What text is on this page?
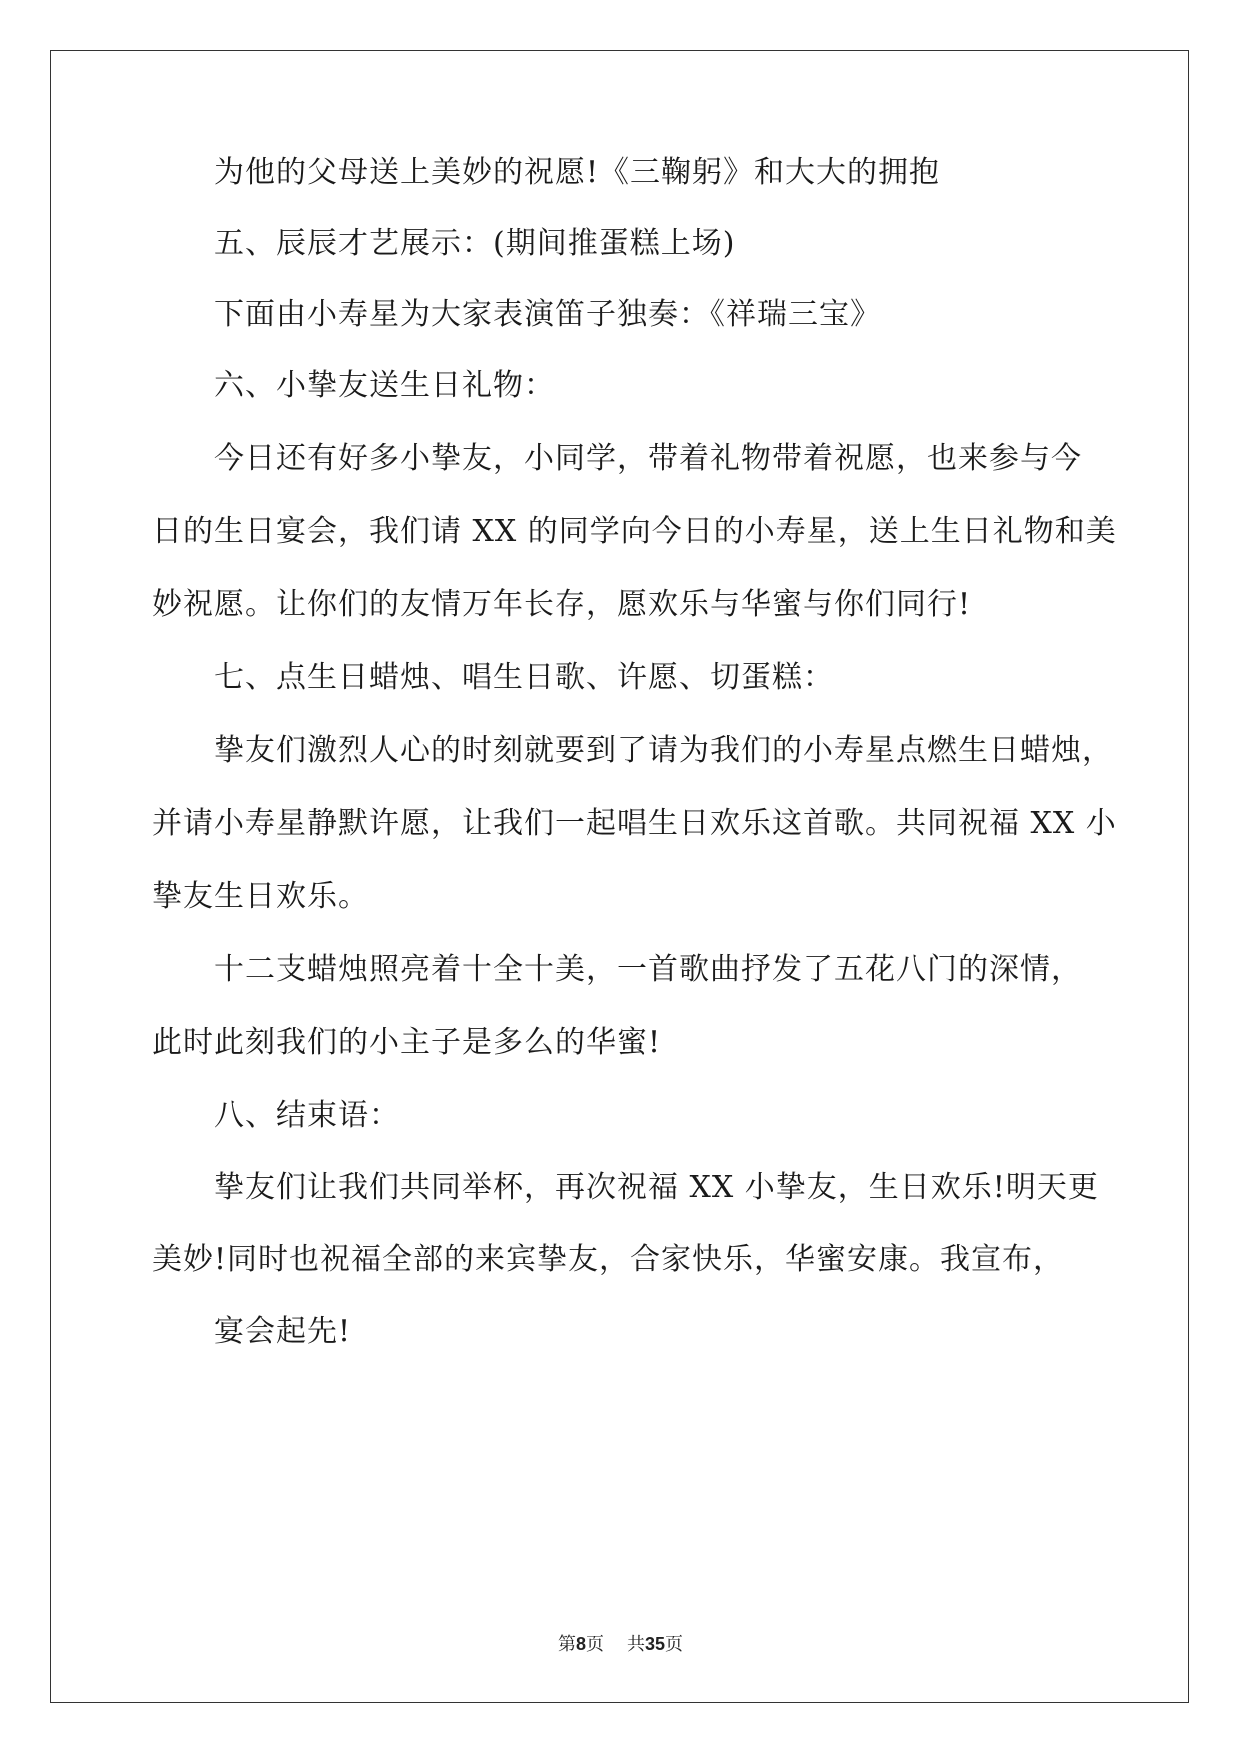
为他的父母送上美妙的祝愿!《三鞠躬》和大大的拥抱
五、辰辰才艺展示：(期间推蛋糕上场)
下面由小寿星为大家表演笛子独奏：《祥瑞三宝》
六、小挚友送生日礼物：
今日还有好多小挚友，小同学，带着礼物带着祝愿，也来参与今
日的生日宴会，我们请 XX 的同学向今日的小寿星，送上生日礼物和美
妙祝愿。让你们的友情万年长存，愿欢乐与华蜜与你们同行!
七、点生日蜡烛、唱生日歌、许愿、切蛋糕：
挚友们激烈人心的时刻就要到了请为我们的小寿星点燃生日蜡烛，
并请小寿星静默许愿，让我们一起唱生日欢乐这首歌。共同祝福 XX 小
挚友生日欢乐。
十二支蜡烛照亮着十全十美，一首歌曲抒发了五花八门的深情，
此时此刻我们的小主子是多么的华蜜!
八、结束语：
挚友们让我们共同举杯，再次祝福 XX 小挚友，生日欢乐!明天更
美妙!同时也祝福全部的来宾挚友，合家快乐，华蜜安康。我宣布，
宴会起先!
第8页 共35页
